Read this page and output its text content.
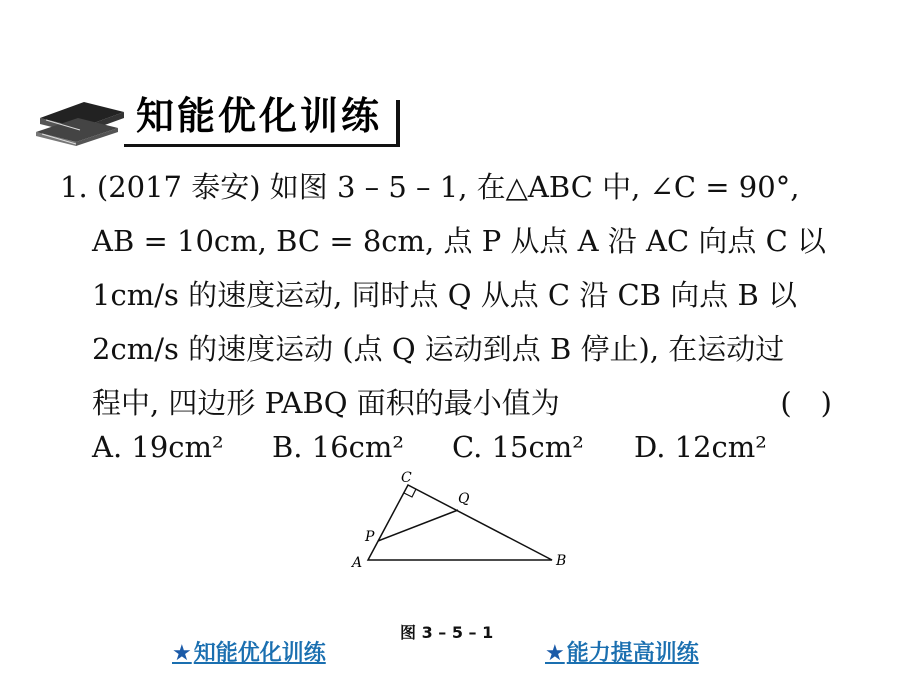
知能优化训练
1. (2017 泰安) 如图 3 – 5 – 1, 在△ABC 中, ∠C = 90°,
AB = 10cm, BC = 8cm, 点 P 从点 A 沿 AC 向点 C 以
1cm/s 的速度运动, 同时点 Q 从点 C 沿 CB 向点 B 以
2cm/s 的速度运动 (点 Q 运动到点 B 停止), 在运动过
程中, 四边形 PABQ 面积的最小值为	(　)
A. 19cm² B. 16cm² C. 15cm² D. 12cm²
C
Q
P
A	B
图 3 – 5 – 1
★知能优化训练	★能力提高训练
